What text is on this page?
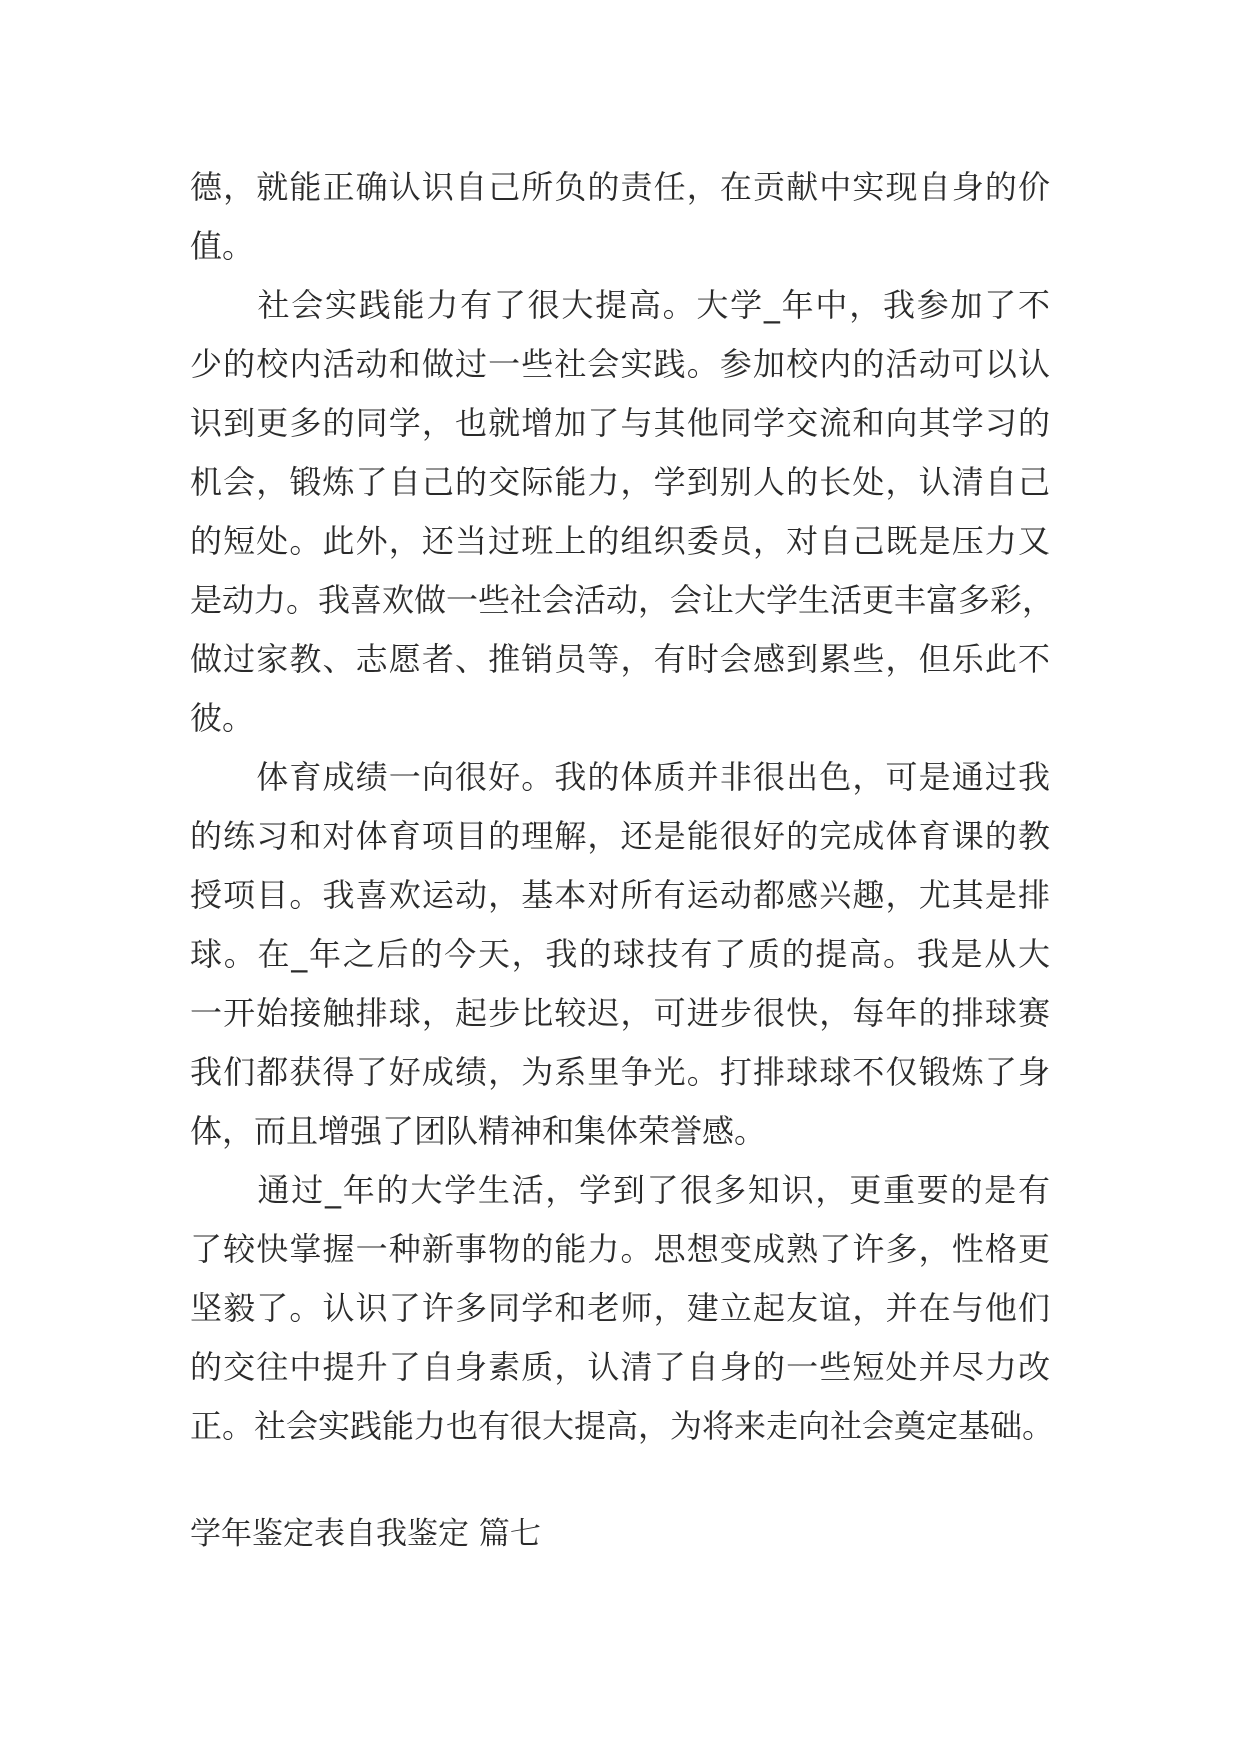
德，就能正确认识自己所负的责任，在贡献中实现自身的价
值。
　　社会实践能力有了很大提高。大学_年中，我参加了不
少的校内活动和做过一些社会实践。参加校内的活动可以认
识到更多的同学，也就增加了与其他同学交流和向其学习的
机会，锻炼了自己的交际能力，学到别人的长处，认清自己
的短处。此外，还当过班上的组织委员，对自己既是压力又
是动力。我喜欢做一些社会活动，会让大学生活更丰富多彩，
做过家教、志愿者、推销员等，有时会感到累些，但乐此不
彼。
　　体育成绩一向很好。我的体质并非很出色，可是通过我
的练习和对体育项目的理解，还是能很好的完成体育课的教
授项目。我喜欢运动，基本对所有运动都感兴趣，尤其是排
球。在_年之后的今天，我的球技有了质的提高。我是从大
一开始接触排球，起步比较迟，可进步很快，每年的排球赛
我们都获得了好成绩，为系里争光。打排球球不仅锻炼了身
体，而且增强了团队精神和集体荣誉感。
　　通过_年的大学生活，学到了很多知识，更重要的是有
了较快掌握一种新事物的能力。思想变成熟了许多，性格更
坚毅了。认识了许多同学和老师，建立起友谊，并在与他们
的交往中提升了自身素质，认清了自身的一些短处并尽力改
正。社会实践能力也有很大提高，为将来走向社会奠定基础。
学年鉴定表自我鉴定 篇七
